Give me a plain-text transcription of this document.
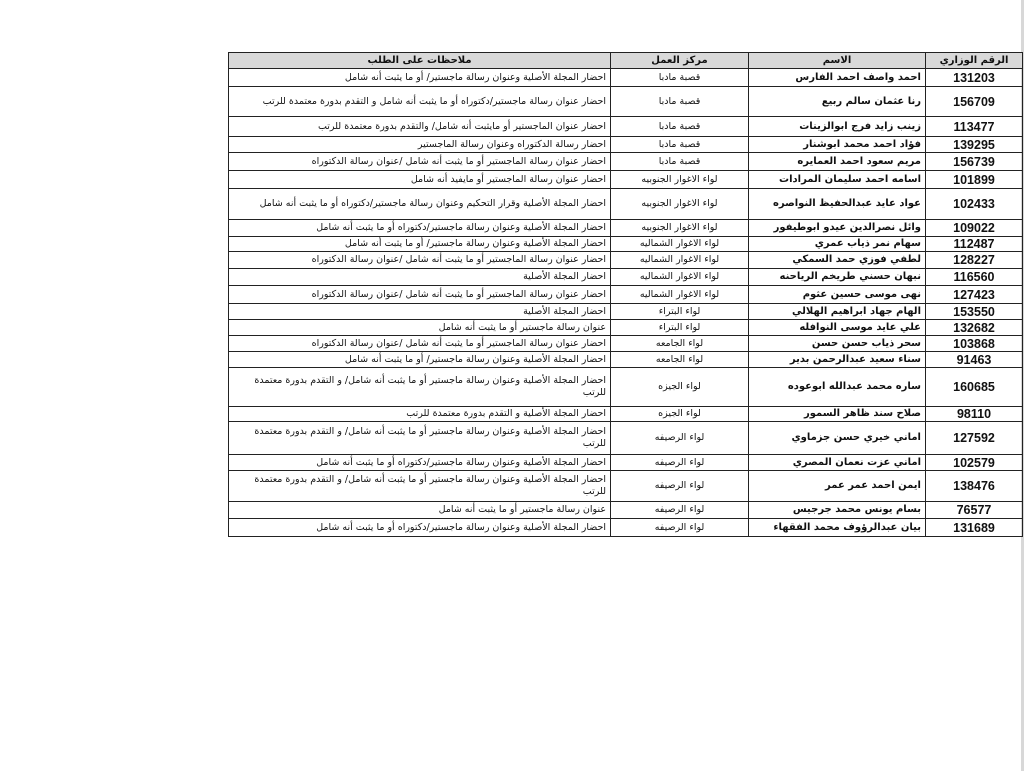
الرقم الوزاري	الاسم	مركز العمل	ملاحظات على الطلب
131203	احمد واصف احمد الفارس	قصبة مادبا	احضار المجلة الأصلية وعنوان رسالة ماجستير/ أو ما يثبت أنه شامل
156709	رنا عثمان سالم ربيع	قصبة مادبا	احضار عنوان رسالة ماجستير/دكتوراه أو ما يثبت أنه شامل و التقدم بدورة معتمدة للرتب
113477	زينب زايد فرج ابوالزينات	قصبة مادبا	احضار عنوان الماجستير أو مايثبت أنه شامل/ والتقدم بدورة معتمدة للرتب
139295	فؤاد احمد محمد ابوشنار	قصبة مادبا	احضار رسالة الدكتوراه وعنوان رسالة الماجستير
156739	مريم سعود احمد العمايره	قصبة مادبا	احضار عنوان رسالة الماجستير أو ما يثبت أنه شامل /عنوان رسالة الدكتوراه
101899	اسامه احمد سليمان المرادات	لواء الاغوار الجنوبيه	احضار عنوان رسالة الماجستير أو مايفيد أنه شامل
102433	عواد عايد عبدالحفيظ النواصره	لواء الاغوار الجنوبيه	احضار المجلة الأصلية وقرار التحكيم وعنوان رسالة ماجستير/دكتوراه أو ما يثبت أنه شامل
109022	وائل نصرالدين عيدو ابوطيفور	لواء الاغوار الجنوبيه	احضار المجلة الأصلية وعنوان رسالة ماجستير/دكتوراه أو ما يثبت أنه شامل
112487	سهام نمر ذياب عمري	لواء الاغوار الشماليه	احضار المجلة الأصلية وعنوان رسالة ماجستير/ أو ما يثبت أنه شامل
128227	لطفي فوزي حمد السمكي	لواء الاغوار الشماليه	احضار عنوان رسالة الماجستير أو ما يثبت أنه شامل /عنوان رسالة الدكتوراه
116560	نبهان حسني طريخم الرياحنه	لواء الاغوار الشماليه	احضار المجلة الأصلية
127423	نهى موسى حسين عثوم	لواء الاغوار الشماليه	احضار عنوان رسالة الماجستير أو ما يثبت أنه شامل /عنوان رسالة الدكتوراه
153550	الهام جهاد ابراهيم الهلالي	لواء البتراء	احضار المجلة الأصلية
132682	علي عايد موسى النوافله	لواء البتراء	عنوان رسالة ماجستير أو ما يثبت أنه شامل
103868	سحر ذياب حسن حسن	لواء الجامعه	احضار عنوان رسالة الماجستير أو ما يثبت أنه شامل /عنوان رسالة الدكتوراه
91463	سناء سعيد عبدالرحمن بدير	لواء الجامعه	احضار المجلة الأصلية وعنوان رسالة ماجستير/ أو ما يثبت أنه شامل
160685	ساره محمد عبدالله ابوعوده	لواء الجيزه	احضار المجلة الأصلية وعنوان رسالة ماجستير أو ما يثبت أنه شامل/ و التقدم بدورة معتمدة للرتب
98110	صلاح سند ظاهر السمور	لواء الجيزه	احضار المجلة الأصلية و التقدم بدورة معتمدة للرتب
127592	اماني خيري حسن جزماوي	لواء الرصيفه	احضار المجلة الأصلية وعنوان رسالة ماجستير أو ما يثبت أنه شامل/ و التقدم بدورة معتمدة للرتب
102579	اماني عزت نعمان المصري	لواء الرصيفه	احضار المجلة الأصلية وعنوان رسالة ماجستير/دكتوراه أو ما يثبت أنه شامل
138476	ايمن احمد عمر عمر	لواء الرصيفه	احضار المجلة الأصلية وعنوان رسالة ماجستير أو ما يثبت أنه شامل/ و التقدم بدورة معتمدة للرتب
76577	بسام يونس محمد جرجيس	لواء الرصيفه	عنوان رسالة ماجستير أو ما يثبت أنه شامل
131689	بيان عبدالرؤوف محمد الفقهاء	لواء الرصيفه	احضار المجلة الأصلية وعنوان رسالة ماجستير/دكتوراه أو ما يثبت أنه شامل
